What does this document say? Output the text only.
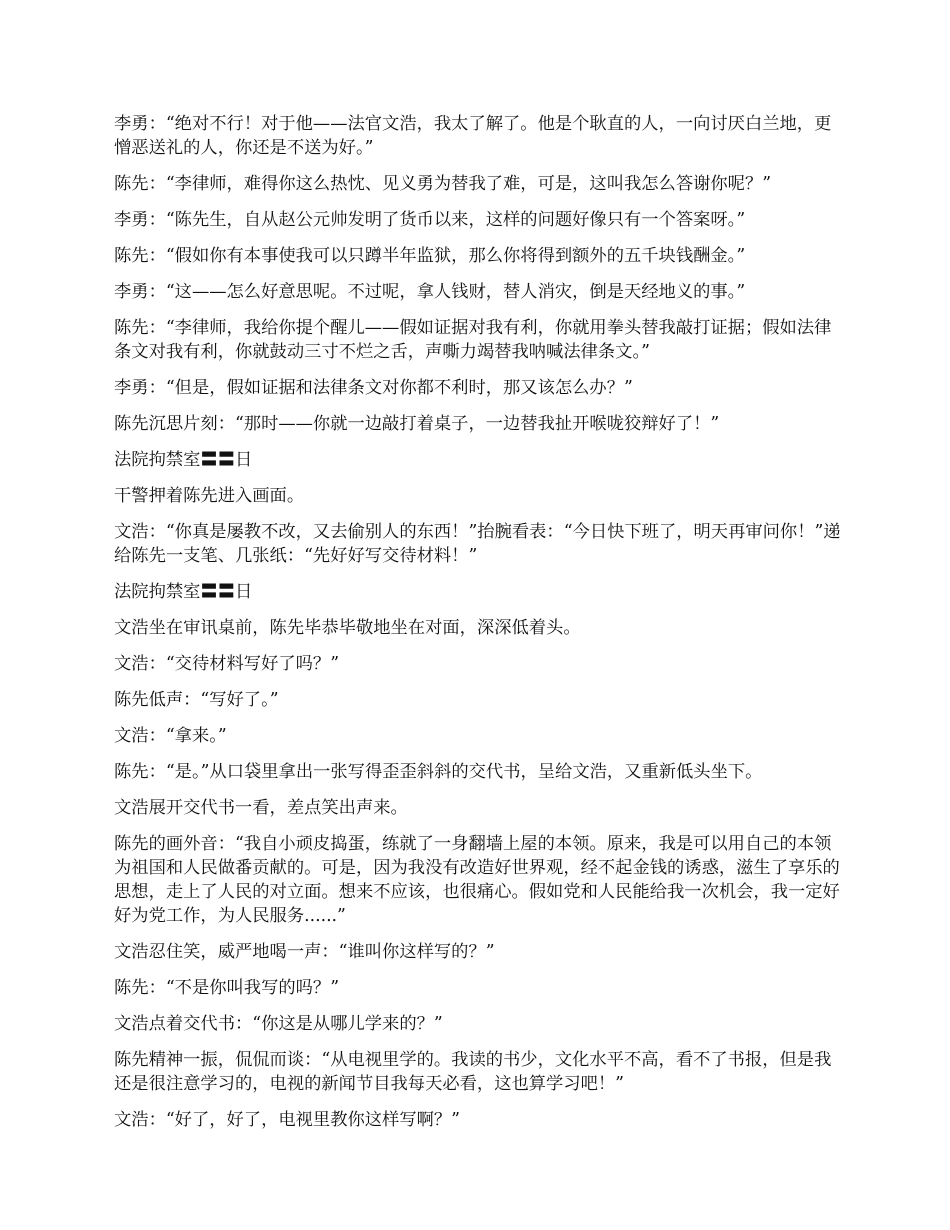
李勇：“绝对不行！对于他——法官文浩，我太了解了。他是个耿直的人，一向讨厌白兰地，更憎恶送礼的人，你还是不送为好。”

陈先：“李律师，难得你这么热忱、见义勇为替我了难，可是，这叫我怎么答谢你呢？”

李勇：“陈先生，自从赵公元帅发明了货币以来，这样的问题好像只有一个答案呀。”

陈先：“假如你有本事使我可以只蹲半年监狱，那么你将得到额外的五千块钱酬金。”

李勇：“这——怎么好意思呢。不过呢，拿人钱财，替人消灾，倒是天经地义的事。”

陈先：“李律师，我给你提个醒儿——假如证据对我有利，你就用拳头替我敲打证据；假如法律条文对我有利，你就鼓动三寸不烂之舌，声嘶力竭替我呐喊法律条文。”

李勇：“但是，假如证据和法律条文对你都不利时，那又该怎么办？”

陈先沉思片刻：“那时——你就一边敲打着桌子，一边替我扯开喉咙狡辩好了！”

法院拘禁室〓〓日

干警押着陈先进入画面。

文浩：“你真是屡教不改，又去偷别人的东西！”抬腕看表：“今日快下班了，明天再审问你！”递给陈先一支笔、几张纸：“先好好写交待材料！”

法院拘禁室〓〓日

文浩坐在审讯桌前，陈先毕恭毕敬地坐在对面，深深低着头。

文浩：“交待材料写好了吗？”

陈先低声：“写好了。”

文浩：“拿来。”

陈先：“是。”从口袋里拿出一张写得歪歪斜斜的交代书，呈给文浩，又重新低头坐下。

文浩展开交代书一看，差点笑出声来。

陈先的画外音：“我自小顽皮捣蛋，练就了一身翻墙上屋的本领。原来，我是可以用自己的本领为祖国和人民做番贡献的。可是，因为我没有改造好世界观，经不起金钱的诱惑，滋生了享乐的思想，走上了人民的对立面。想来不应该，也很痛心。假如党和人民能给我一次机会，我一定好好为党工作，为人民服务......”

文浩忍住笑，威严地喝一声：“谁叫你这样写的？”

陈先：“不是你叫我写的吗？”

文浩点着交代书：“你这是从哪儿学来的？”

陈先精神一振，侃侃而谈：“从电视里学的。我读的书少，文化水平不高，看不了书报，但是我还是很注意学习的，电视的新闻节目我每天必看，这也算学习吧！”

文浩：“好了，好了，电视里教你这样写啊？”
